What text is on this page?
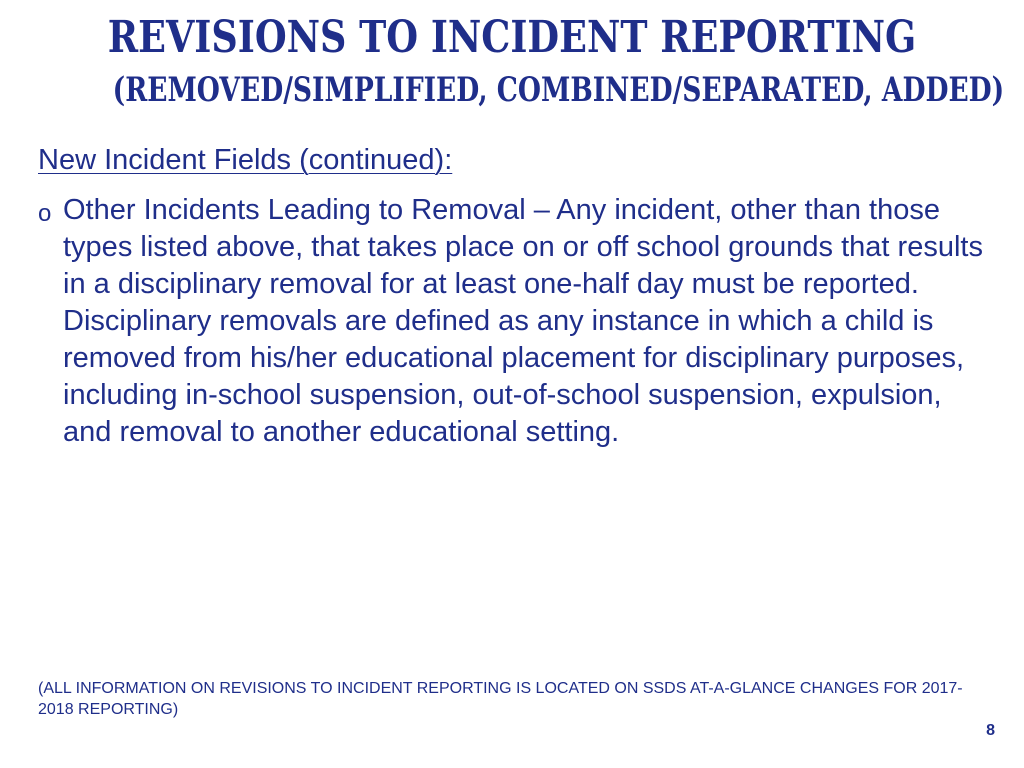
REVISIONS TO INCIDENT REPORTING
(REMOVED/SIMPLIFIED, COMBINED/SEPARATED, ADDED)

New Incident Fields (continued):

o Other Incidents Leading to Removal – Any incident, other than those types listed above, that takes place on or off school grounds that results in a disciplinary removal for at least one-half day must be reported. Disciplinary removals are defined as any instance in which a child is removed from his/her educational placement for disciplinary purposes, including in-school suspension, out-of-school suspension, expulsion, and removal to another educational setting.

(ALL INFORMATION ON REVISIONS TO INCIDENT REPORTING IS LOCATED ON SSDS AT-A-GLANCE CHANGES FOR 2017-2018 REPORTING)

8
